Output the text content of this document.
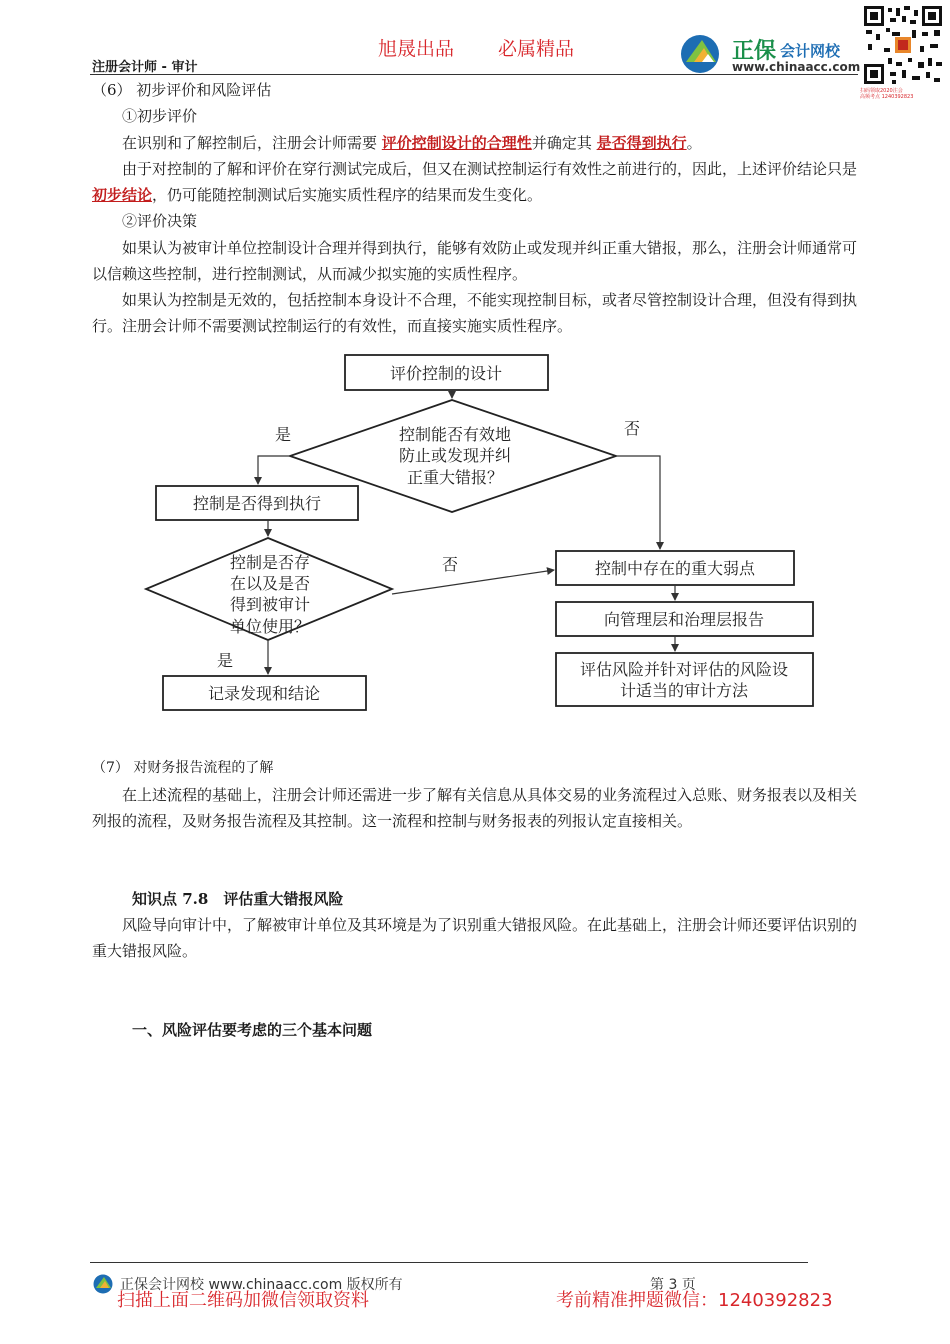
旭晟出品 必属精品
注册会计师 - 审计
正保 会计网校
www.chinaacc.com
扫码领取2020注会
高频考点 1240392823

（6） 初步评价和风险评估

①初步评价

在识别和了解控制后，注册会计师需要 评价控制设计的合理性并确定其 是否得到执行。

由于对控制的了解和评价在穿行测试完成后，但又在测试控制运行有效性之前进行的，因此，上述评价结论只是 初步结论，仍可能随控制测试后实施实质性程序的结果而发生变化。

②评价决策

如果认为被审计单位控制设计合理并得到执行，能够有效防止或发现并纠正重大错报，那么，注册会计师通常可以信赖这些控制，进行控制测试，从而减少拟实施的实质性程序。

如果认为控制是无效的，包括控制本身设计不合理，不能实现控制目标，或者尽管控制设计合理，但没有得到执行。注册会计师不需要测试控制运行的有效性，而直接实施实质性程序。

评价控制的设计
控制能否有效地
防止或发现并纠
正重大错报？
是	否
控制是否得到执行
控制是否存
在以及是否
得到被审计
单位使用？
否
是
记录发现和结论
控制中存在的重大弱点
向管理层和治理层报告
评估风险并针对评估的风险设
计适当的审计方法

（7） 对财务报告流程的了解

在上述流程的基础上，注册会计师还需进一步了解有关信息从具体交易的业务流程过入总账、财务报表以及相关列报的流程，及财务报告流程及其控制。这一流程和控制与财务报表的列报认定直接相关。

知识点 7.8　评估重大错报风险

风险导向审计中，了解被审计单位及其环境是为了识别重大错报风险。在此基础上，注册会计师还要评估识别的重大错报风险。

一、风险评估要考虑的三个基本问题

正保会计网校 www.chinaacc.com 版权所有	第 3 页
扫描上面二维码加微信领取资料	考前精准押题微信：1240392823
